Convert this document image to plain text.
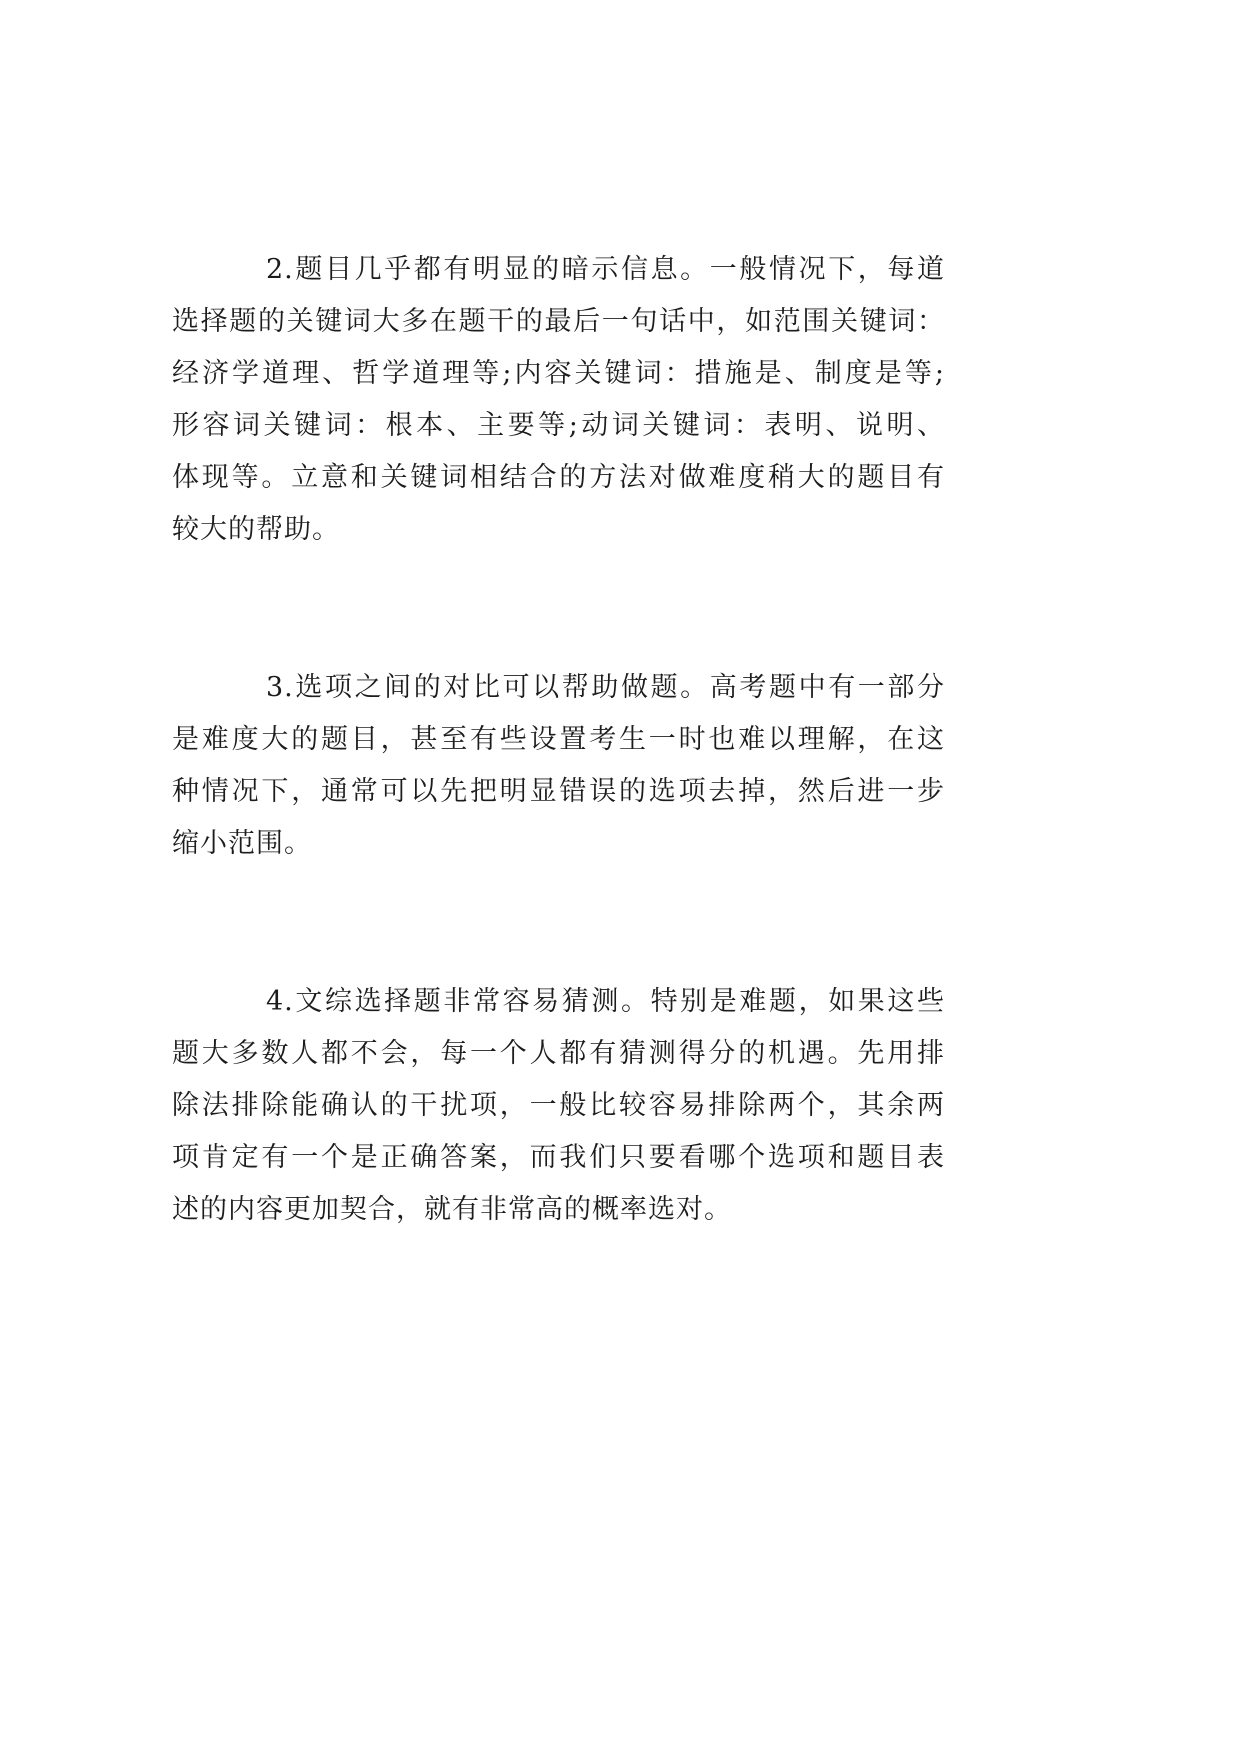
2.题目几乎都有明显的暗示信息。一般情况下，每道
选择题的关键词大多在题干的最后一句话中，如范围关键词：
经济学道理、哲学道理等;内容关键词：措施是、制度是等;
形容词关键词：根本、主要等;动词关键词：表明、说明、
体现等。立意和关键词相结合的方法对做难度稍大的题目有
较大的帮助。
3.选项之间的对比可以帮助做题。高考题中有一部分
是难度大的题目，甚至有些设置考生一时也难以理解，在这
种情况下，通常可以先把明显错误的选项去掉，然后进一步
缩小范围。
4.文综选择题非常容易猜测。特别是难题，如果这些
题大多数人都不会，每一个人都有猜测得分的机遇。先用排
除法排除能确认的干扰项，一般比较容易排除两个，其余两
项肯定有一个是正确答案，而我们只要看哪个选项和题目表
述的内容更加契合，就有非常高的概率选对。
